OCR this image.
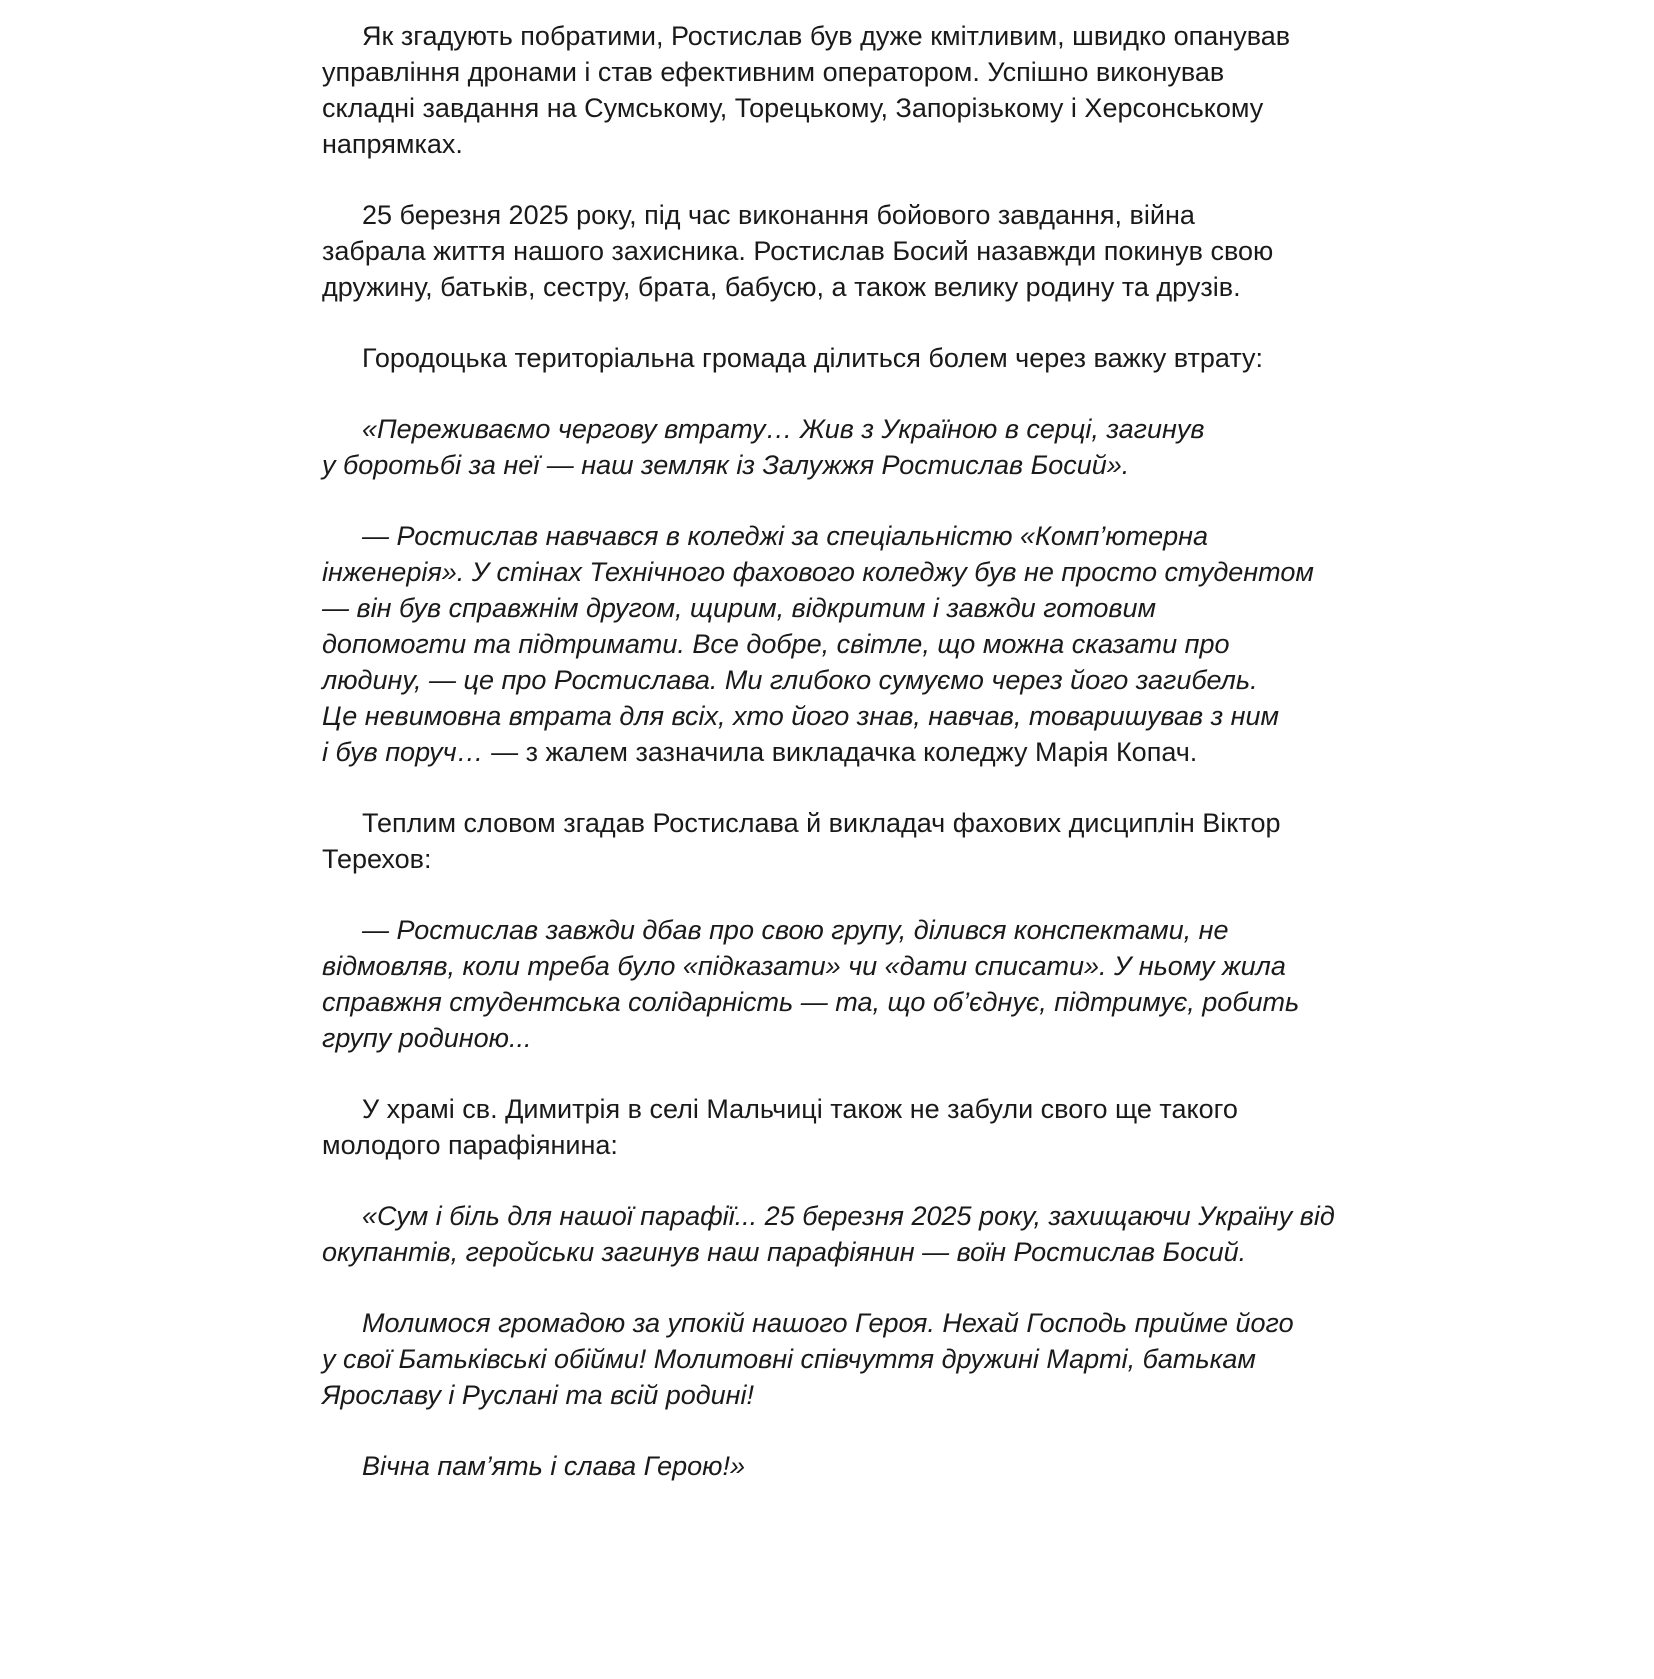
Як згадують побратими, Ростислав був дуже кмітливим, швидко опанував
управління дронами і став ефективним оператором. Успішно виконував
складні завдання на Сумському, Торецькому, Запорізькому і Херсонському
напрямках.

25 березня 2025 року, під час виконання бойового завдання, війна
забрала життя нашого захисника. Ростислав Босий назавжди покинув свою
дружину, батьків, сестру, брата, бабусю, а також велику родину та друзів.

Городоцька територіальна громада ділиться болем через важку втрату:

«Переживаємо чергову втрату… Жив з Україною в серці, загинув
у боротьбі за неї — наш земляк із Залужжя Ростислав Босий».

— Ростислав навчався в коледжі за спеціальністю «Комп’ютерна
інженерія». У стінах Технічного фахового коледжу був не просто студентом
— він був справжнім другом, щирим, відкритим і завжди готовим
допомогти та підтримати. Все добре, світле, що можна сказати про
людину, — це про Ростислава. Ми глибоко сумуємо через його загибель.
Це невимовна втрата для всіх, хто його знав, навчав, товаришував з ним
і був поруч… — з жалем зазначила викладачка коледжу Марія Копач.

Теплим словом згадав Ростислава й викладач фахових дисциплін Віктор
Терехов:

— Ростислав завжди дбав про свою групу, ділився конспектами, не
відмовляв, коли треба було «підказати» чи «дати списати». У ньому жила
справжня студентська солідарність — та, що об’єднує, підтримує, робить
групу родиною...

У храмі св. Димитрія в селі Мальчиці також не забули свого ще такого
молодого парафіянина:

«Сум і біль для нашої парафії... 25 березня 2025 року, захищаючи Україну від
окупантів, геройськи загинув наш парафіянин — воїн Ростислав Босий.

Молимося громадою за упокій нашого Героя. Нехай Господь прийме його
у свої Батьківські обійми! Молитовні співчуття дружині Марті, батькам
Ярославу і Руслані та всій родині!

Вічна пам’ять і слава Герою!»
